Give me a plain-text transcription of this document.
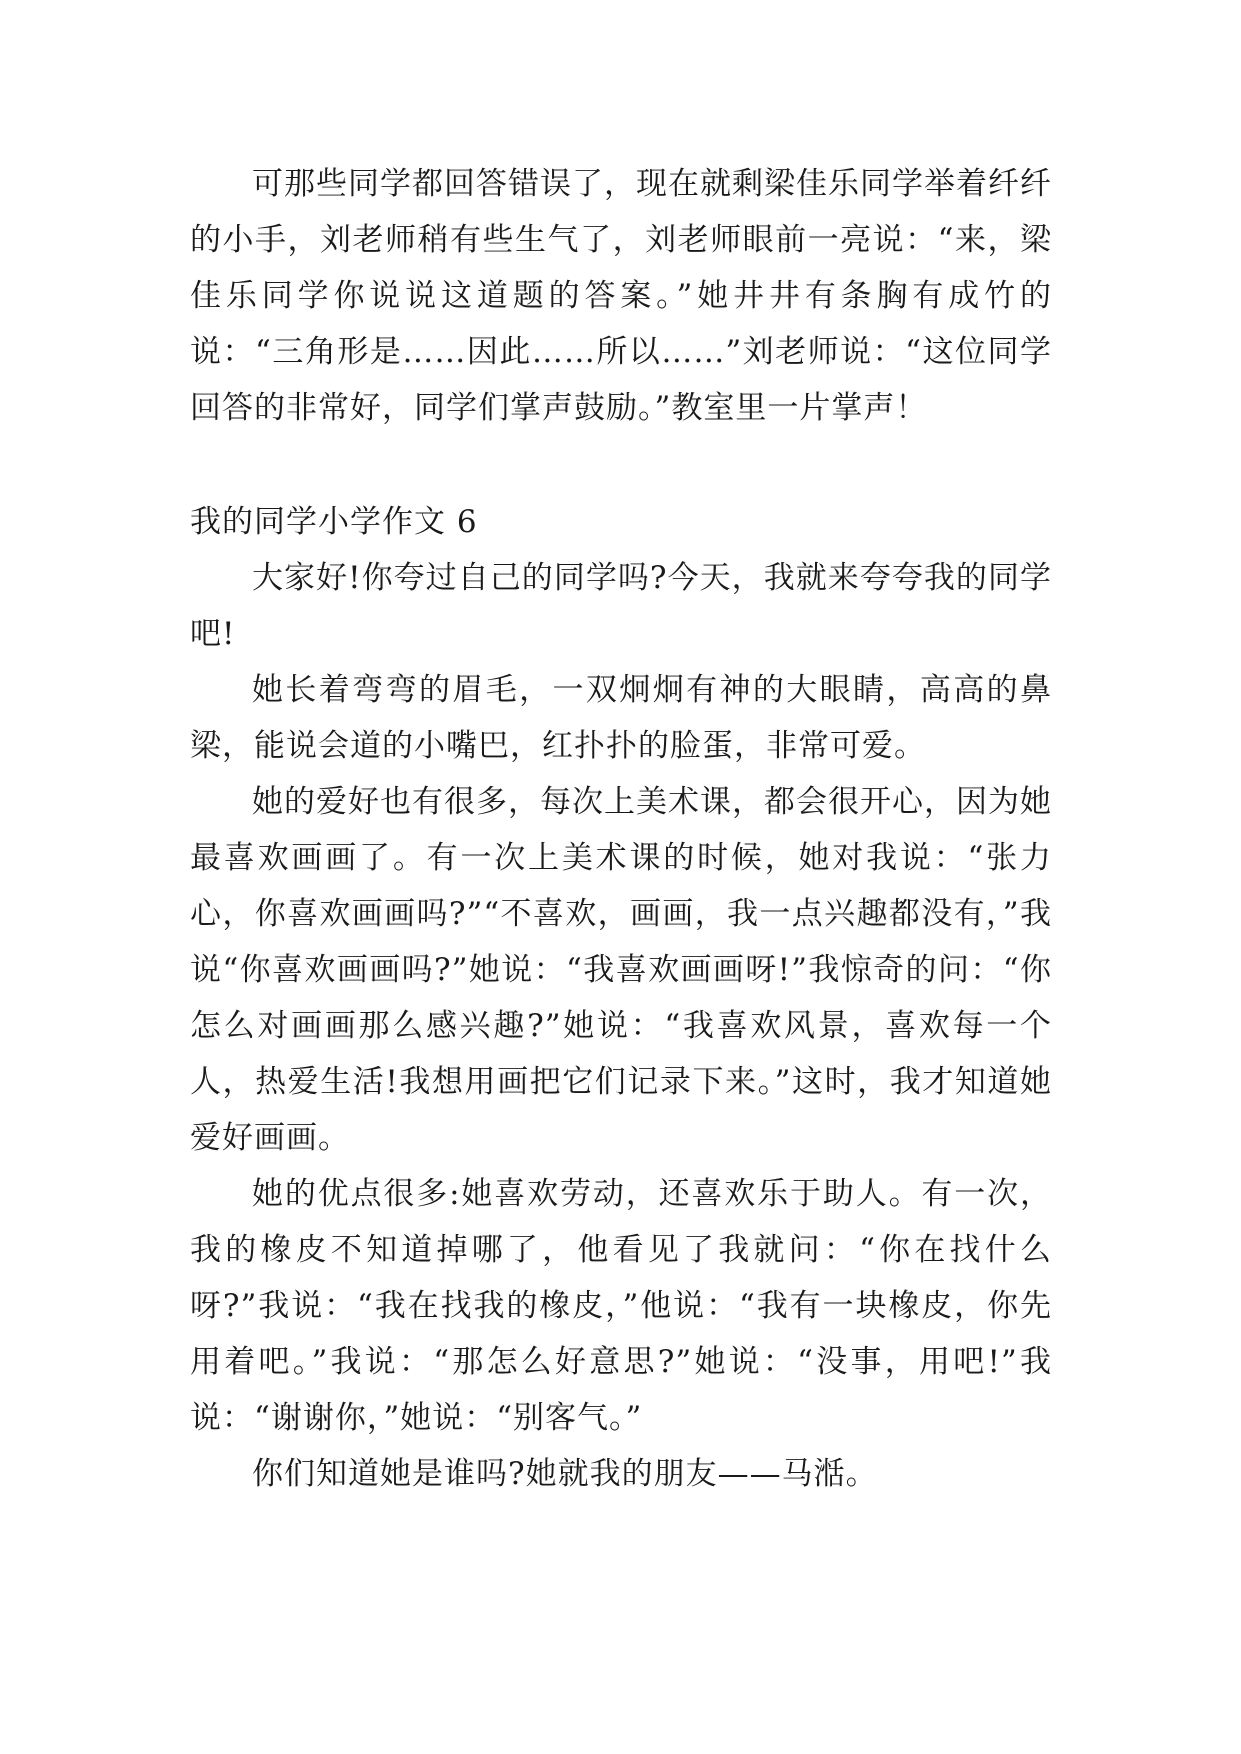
可那些同学都回答错误了，现在就剩梁佳乐同学举着纤纤的小手，刘老师稍有些生气了，刘老师眼前一亮说：“来，梁佳乐同学你说说这道题的答案。”她井井有条胸有成竹的说：“三角形是……因此……所以……”刘老师说：“这位同学回答的非常好，同学们掌声鼓励。”教室里一片掌声！

我的同学小学作文 6

大家好!你夸过自己的同学吗?今天，我就来夸夸我的同学吧!

她长着弯弯的眉毛，一双炯炯有神的大眼睛，高高的鼻梁，能说会道的小嘴巴，红扑扑的脸蛋，非常可爱。

她的爱好也有很多，每次上美术课，都会很开心，因为她最喜欢画画了。有一次上美术课的时候，她对我说：“张力心，你喜欢画画吗?”“不喜欢，画画，我一点兴趣都没有，”我说“你喜欢画画吗?”她说：“我喜欢画画呀!”我惊奇的问：“你怎么对画画那么感兴趣?”她说：“我喜欢风景，喜欢每一个人，热爱生活!我想用画把它们记录下来。”这时，我才知道她爱好画画。

她的优点很多:她喜欢劳动，还喜欢乐于助人。有一次，我的橡皮不知道掉哪了，他看见了我就问：“你在找什么呀?”我说：“我在找我的橡皮，”他说：“我有一块橡皮，你先用着吧。”我说：“那怎么好意思?”她说：“没事，用吧!”我说：“谢谢你，”她说：“别客气。”

你们知道她是谁吗?她就我的朋友——马湉。
